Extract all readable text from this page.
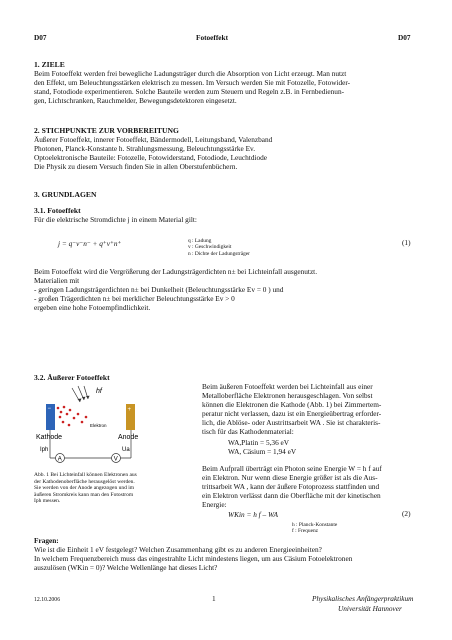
D07	Fotoeffekt	D07
1. ZIELE
Beim Fotoeffekt werden frei bewegliche Ladungsträger durch die Absorption von Licht erzeugt. Man nutzt
den Effekt, um Beleuchtungsstärken elektrisch zu messen. Im Versuch werden Sie mit Fotozelle, Fotowider-
stand, Fotodiode experimentieren. Solche Bauteile werden zum Steuern und Regeln z.B. in Fernbedienun-
gen, Lichtschranken, Rauchmelder, Bewegungsdetektoren eingesetzt.
2. STICHPUNKTE ZUR VORBEREITUNG
Äußerer Fotoeffekt, innerer Fotoeffekt, Bändermodell, Leitungsband, Valenzband
Photonen, Planck-Konstante h. Strahlungsmessung, Beleuchtungsstärke Ev.
Optoelektronische Bauteile: Fotozelle, Fotowiderstand, Fotodiode, Leuchtdiode
Die Physik zu diesem Versuch finden Sie in allen Oberstufenbüchern.
3. GRUNDLAGEN
3.1. Fotoeffekt
Für die elektrische Stromdichte j in einem Material gilt:
j = q⁻v⁻n⁻ + q⁺v⁺n⁺	q : Ladung
v : Geschwindigkeit
n : Dichte der Ladungsträger
(1)
Beim Fotoeffekt wird die Vergrößerung der Ladungsträgerdichten n± bei Lichteinfall ausgenutzt.
Materialien mit
- geringen Ladungsträgerdichten n± bei Dunkelheit (Beleuchtungsstärke Ev = 0 ) und
- großen Trägerdichten n± bei merklicher Beleuchtungsstärke Ev > 0
ergeben eine hohe Fotoempfindlichkeit.
3.2. Äußerer Fotoeffekt
hf
−	+
Elektron
Kathode	Anode
A	V
Iph	Ua
Abb. 1 Bei Lichteinfall können Elektronen aus
der Kathodenoberfläche herausgelöst werden.
Sie werden von der Anode angezogen und im
äußeren Stromkreis kann man den Fotostrom
Iph messen.
Beim äußeren Fotoeffekt werden bei Lichteinfall aus einer
Metalloberfläche Elektronen herausgeschlagen. Von selbst
können die Elektronen die Kathode (Abb. 1) bei Zimmertem-
peratur nicht verlassen, dazu ist ein Energieübertrag erforder-
lich, die Ablöse- oder Austrittsarbeit WA . Sie ist charakteris-
tisch für das Kathodenmaterial:
WA,Platin = 5,36 eV
WA, Cäsium = 1,94 eV
Beim Aufprall überträgt ein Photon seine Energie W = h f auf
ein Elektron. Nur wenn diese Energie größer ist als die Aus-
trittsarbeit WA , kann der äußere Fotoprozess stattfinden und
ein Elektron verlässt dann die Oberfläche mit der kinetischen
Energie:
WKin = h f – WA	(2)
h : Planck-Konstante
f : Frequenz
Fragen:
Wie ist die Einheit 1 eV festgelegt? Welchen Zusammenhang gibt es zu anderen Energieeinheiten?
In welchem Frequenzbereich muss das eingestrahlte Licht mindestens liegen, um aus Cäsium Fotoelektronen
auszulösen (WKin = 0)? Welche Wellenlänge hat dieses Licht?
12.10.2006	1	Physikalisches Anfängerpraktikum
Universität Hannover
